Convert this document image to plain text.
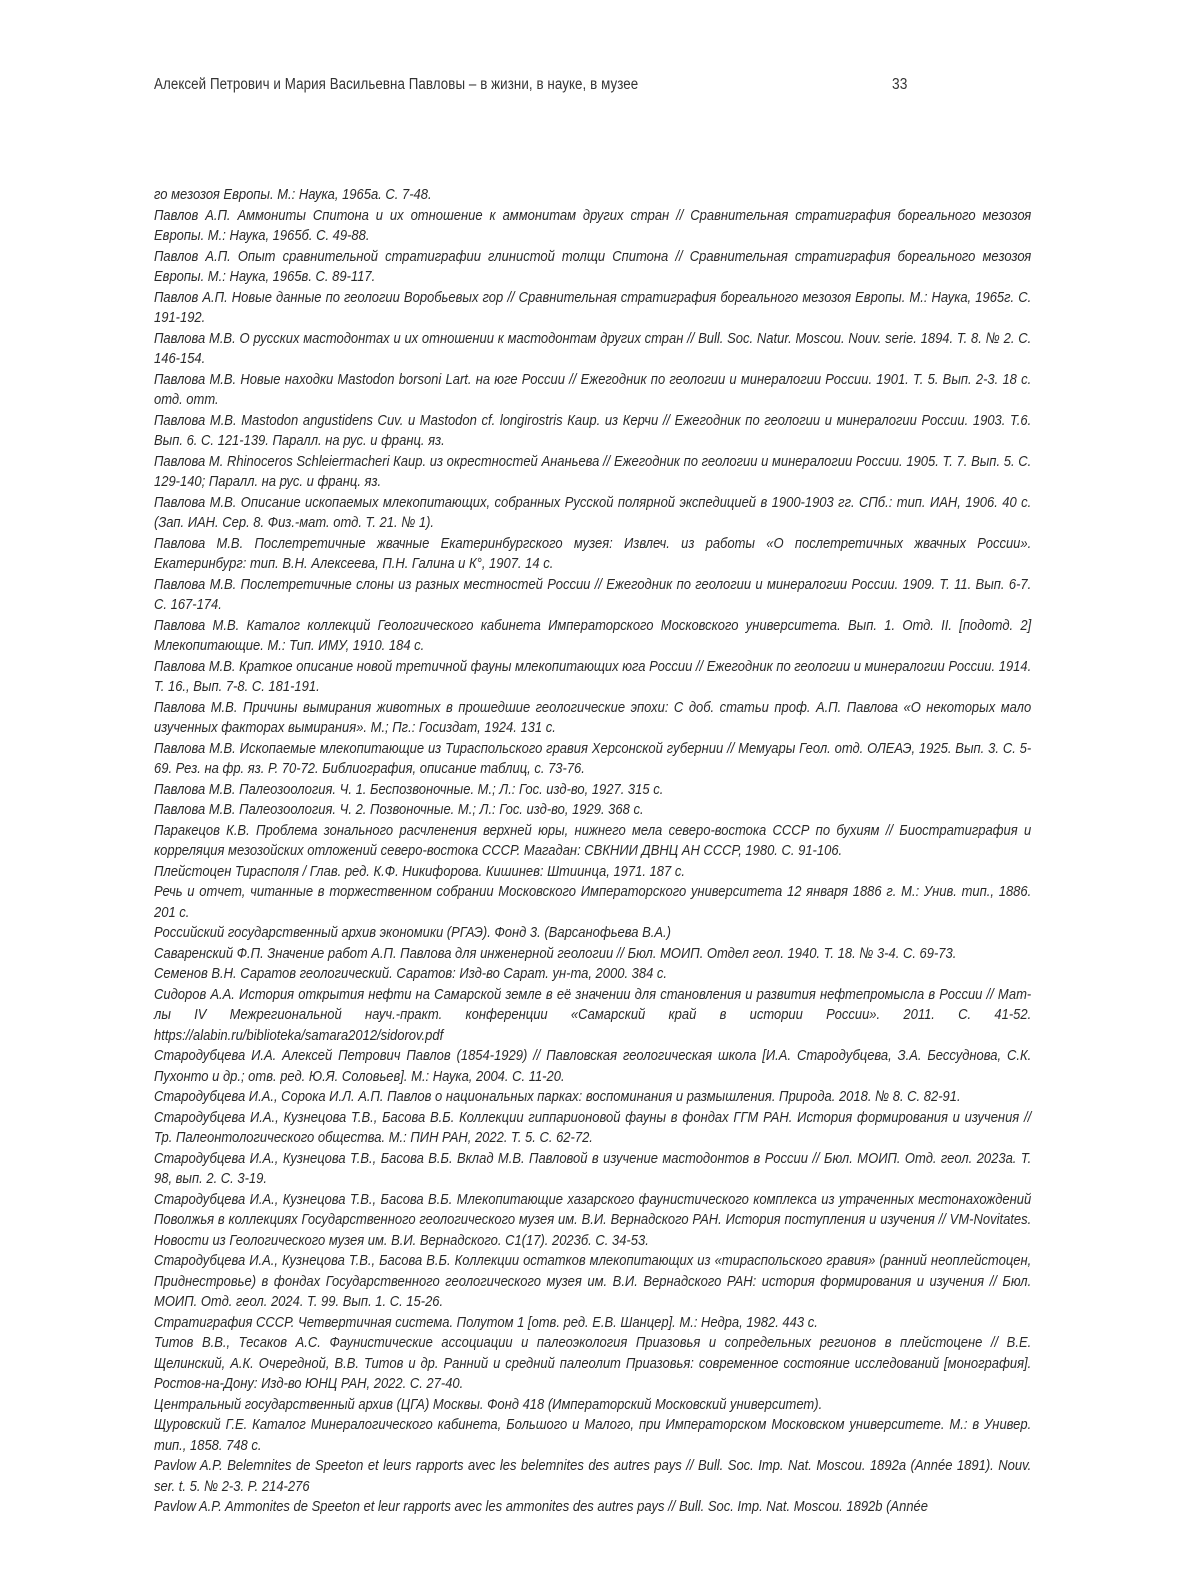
Алексей Петрович и Мария Васильевна Павловы – в жизни, в науке, в музее	33

го мезозоя Европы. М.: Наука, 1965а. С. 7-48.

Павлов А.П. Аммониты Спитона и их отношение к аммонитам других стран // Сравнительная стратиграфия бореального мезозоя Европы. М.: Наука, 1965б. С. 49-88.

Павлов А.П. Опыт сравнительной стратиграфии глинистой толщи Спитона // Сравнительная стратиграфия бореального мезозоя Европы. М.: Наука, 1965в. С. 89-117.

Павлов А.П. Новые данные по геологии Воробьевых гор // Сравнительная стратиграфия бореального мезозоя Европы. М.: Наука, 1965г. С. 191-192.

Павлова М.В. О русских мастодонтах и их отношении к мастодонтам других стран // Bull. Soc. Natur. Moscou. Nouv. serie. 1894. T. 8. № 2. С. 146-154.

Павлова М.В. Новые находки Mastodon borsoni Lart. на юге России // Ежегодник по геологии и минералогии России. 1901. Т. 5. Вып. 2-3. 18 с. отд. отт.

Павлова М.В. Mastodon angustidens Cuv. и Mastodon cf. longirostris Каир. из Керчи // Ежегодник по геологии и минералогии России. 1903. Т.6. Вып. 6. С. 121-139. Паралл. на рус. и франц. яз.

Павлова М. Rhinoceros Schleiermacheri Каир. из окрестностей Ананьева // Ежегодник по геологии и минералогии России. 1905. Т. 7. Вып. 5. С. 129-140; Паралл. на рус. и франц. яз.

Павлова М.В. Описание ископаемых млекопитающих, собранных Русской полярной экспедицией в 1900-1903 гг. СПб.: тип. ИАН, 1906. 40 с. (Зап. ИАН. Сер. 8. Физ.-мат. отд. Т. 21. № 1).

Павлова М.В. Послетретичные жвачные Екатеринбургского музея: Извлеч. из работы «О послетретичных жвачных России». Екатеринбург: тип. В.Н. Алексеева, П.Н. Галина и К°, 1907. 14 с.

Павлова М.В. Послетретичные слоны из разных местностей России // Ежегодник по геологии и минералогии России. 1909. Т. 11. Вып. 6-7. С. 167-174.

Павлова М.В. Каталог коллекций Геологического кабинета Императорского Московского университета. Вып. 1. Отд. II. [подотд. 2] Млекопитающие. М.: Тип. ИМУ, 1910. 184 с.

Павлова М.В. Краткое описание новой третичной фауны млекопитающих юга России // Ежегодник по геологии и минералогии России. 1914. Т. 16., Вып. 7-8. С. 181-191.

Павлова М.В. Причины вымирания животных в прошедшие геологические эпохи: С доб. статьи проф. А.П. Павлова «О некоторых мало изученных факторах вымирания». М.; Пг.: Госиздат, 1924. 131 с.

Павлова М.В. Ископаемые млекопитающие из Тираспольского гравия Херсонской губернии // Мемуары Геол. отд. ОЛЕАЭ, 1925. Вып. 3. С. 5-69. Рез. на фр. яз. Р. 70-72. Библиография, описание таблиц, с. 73-76.

Павлова М.В. Палеозоология. Ч. 1. Беспозвоночные. М.; Л.: Гос. изд-во, 1927. 315 с.

Павлова М.В. Палеозоология. Ч. 2. Позвоночные. М.; Л.: Гос. изд-во, 1929. 368 с.

Паракецов К.В. Проблема зонального расчленения верхней юры, нижнего мела северо-востока СССР по бухиям // Биостратиграфия и корреляция мезозойских отложений северо-востока СССР. Магадан: СВКНИИ ДВНЦ АН СССР, 1980. С. 91-106.

Плейстоцен Тирасполя / Глав. ред. К.Ф. Никифорова. Кишинев: Штиинца, 1971. 187 с.

Речь и отчет, читанные в торжественном собрании Московского Императорского университета 12 января 1886 г. М.: Унив. тип., 1886. 201 с.

Российский государственный архив экономики (РГАЭ). Фонд 3. (Варсанофьева В.А.)

Саваренский Ф.П. Значение работ А.П. Павлова для инженерной геологии // Бюл. МОИП. Отдел геол. 1940. Т. 18. № 3-4. С. 69-73.

Семенов В.Н. Саратов геологический. Саратов: Изд-во Сарат. ун-та, 2000. 384 с.

Сидоров А.А. История открытия нефти на Самарской земле в её значении для становления и развития нефтепромысла в России // Мат-лы IV Межрегиональной науч.-практ. конференции «Самарский край в истории России». 2011. С. 41-52. https://alabin.ru/biblioteka/samara2012/sidorov.pdf

Стародубцева И.А. Алексей Петрович Павлов (1854-1929) // Павловская геологическая школа [И.А. Стародубцева, З.А. Бессуднова, С.К. Пухонто и др.; отв. ред. Ю.Я. Соловьев]. М.: Наука, 2004. С. 11-20.

Стародубцева И.А., Сорока И.Л. А.П. Павлов о национальных парках: воспоминания и размышления. Природа. 2018. № 8. С. 82-91.

Стародубцева И.А., Кузнецова Т.В., Басова В.Б. Коллекции гиппарионовой фауны в фондах ГГМ РАН. История формирования и изучения // Тр. Палеонтологического общества. М.: ПИН РАН, 2022. Т. 5. С. 62-72.

Стародубцева И.А., Кузнецова Т.В., Басова В.Б. Вклад М.В. Павловой в изучение мастодонтов в России // Бюл. МОИП. Отд. геол. 2023а. Т. 98, вып. 2. С. 3-19.

Стародубцева И.А., Кузнецова Т.В., Басова В.Б. Млекопитающие хазарского фаунистического комплекса из утраченных местонахождений Поволжья в коллекциях Государственного геологического музея им. В.И. Вернадского РАН. История поступления и изучения // VM-Novitates. Новости из Геологического музея им. В.И. Вернадского. С1(17). 2023б. С. 34-53.

Стародубцева И.А., Кузнецова Т.В., Басова В.Б. Коллекции остатков млекопитающих из «тираспольского гравия» (ранний неоплейстоцен, Приднестровье) в фондах Государственного геологического музея им. В.И. Вернадского РАН: история формирования и изучения // Бюл. МОИП. Отд. геол. 2024. Т. 99. Вып. 1. С. 15-26.

Стратиграфия СССР. Четвертичная система. Полутом 1 [отв. ред. Е.В. Шанцер]. М.: Недра, 1982. 443 с.

Титов В.В., Тесаков А.С. Фаунистические ассоциации и палеоэкология Приазовья и сопредельных регионов в плейстоцене // В.Е. Щелинский, А.К. Очередной, В.В. Титов и др. Ранний и средний палеолит Приазовья: современное состояние исследований [монография]. Ростов-на-Дону: Изд-во ЮНЦ РАН, 2022. С. 27-40.

Центральный государственный архив (ЦГА) Москвы. Фонд 418 (Императорский Московский университет).

Щуровский Г.Е. Каталог Минералогического кабинета, Большого и Малого, при Императорском Московском университете. М.: в Универ. тип., 1858. 748 с.

Pavlow A.P. Belemnites de Speeton et leurs rapports avec les belemnites des autres pays // Bull. Soc. Imp. Nat. Moscou. 1892a (Année 1891). Nouv. ser. t. 5. № 2-3. P. 214-276

Pavlow A.P. Ammonites de Speeton et leur rapports avec les ammonites des autres pays // Bull. Soc. Imp. Nat. Moscou. 1892b (Année
